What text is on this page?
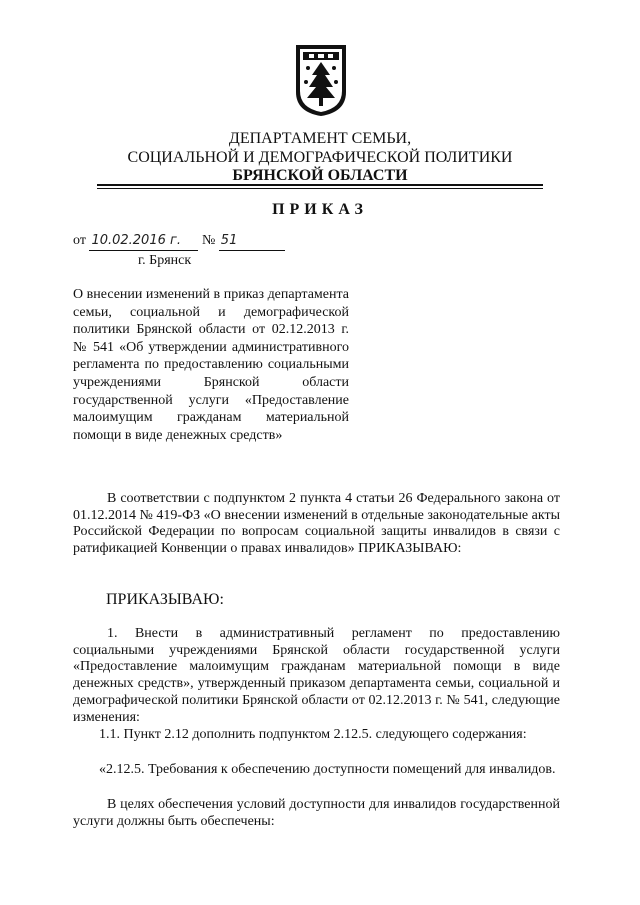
ДЕПАРТАМЕНТ СЕМЬИ,
СОЦИАЛЬНОЙ И ДЕМОГРАФИЧЕСКОЙ ПОЛИТИКИ
БРЯНСКОЙ ОБЛАСТИ
ПРИКАЗ
от 10.02.2016 г. № 51
г. Брянск
О внесении изменений в приказ департамента семьи, социальной и демографической политики Брянской области от 02.12.2013 г. № 541 «Об утверждении административного регламента по предоставлению социальными учреждениями Брянской области государственной услуги «Предоставление малоимущим гражданам материальной помощи в виде денежных средств»
В соответствии с подпунктом 2 пункта 4 статьи 26 Федерального закона от 01.12.2014 № 419-ФЗ «О внесении изменений в отдельные законодательные акты Российской Федерации по вопросам социальной защиты инвалидов в связи с ратификацией Конвенции о правах инвалидов» ПРИКАЗЫВАЮ:
ПРИКАЗЫВАЮ:
1. Внести в административный регламент по предоставлению социальными учреждениями Брянской области государственной услуги «Предоставление малоимущим гражданам материальной помощи в виде денежных средств», утвержденный приказом департамента семьи, социальной и демографической политики Брянской области от 02.12.2013 г. № 541, следующие изменения:
1.1. Пункт 2.12 дополнить подпунктом 2.12.5. следующего содержания:
«2.12.5. Требования к обеспечению доступности помещений для инвалидов.
В целях обеспечения условий доступности для инвалидов государственной услуги должны быть обеспечены:
